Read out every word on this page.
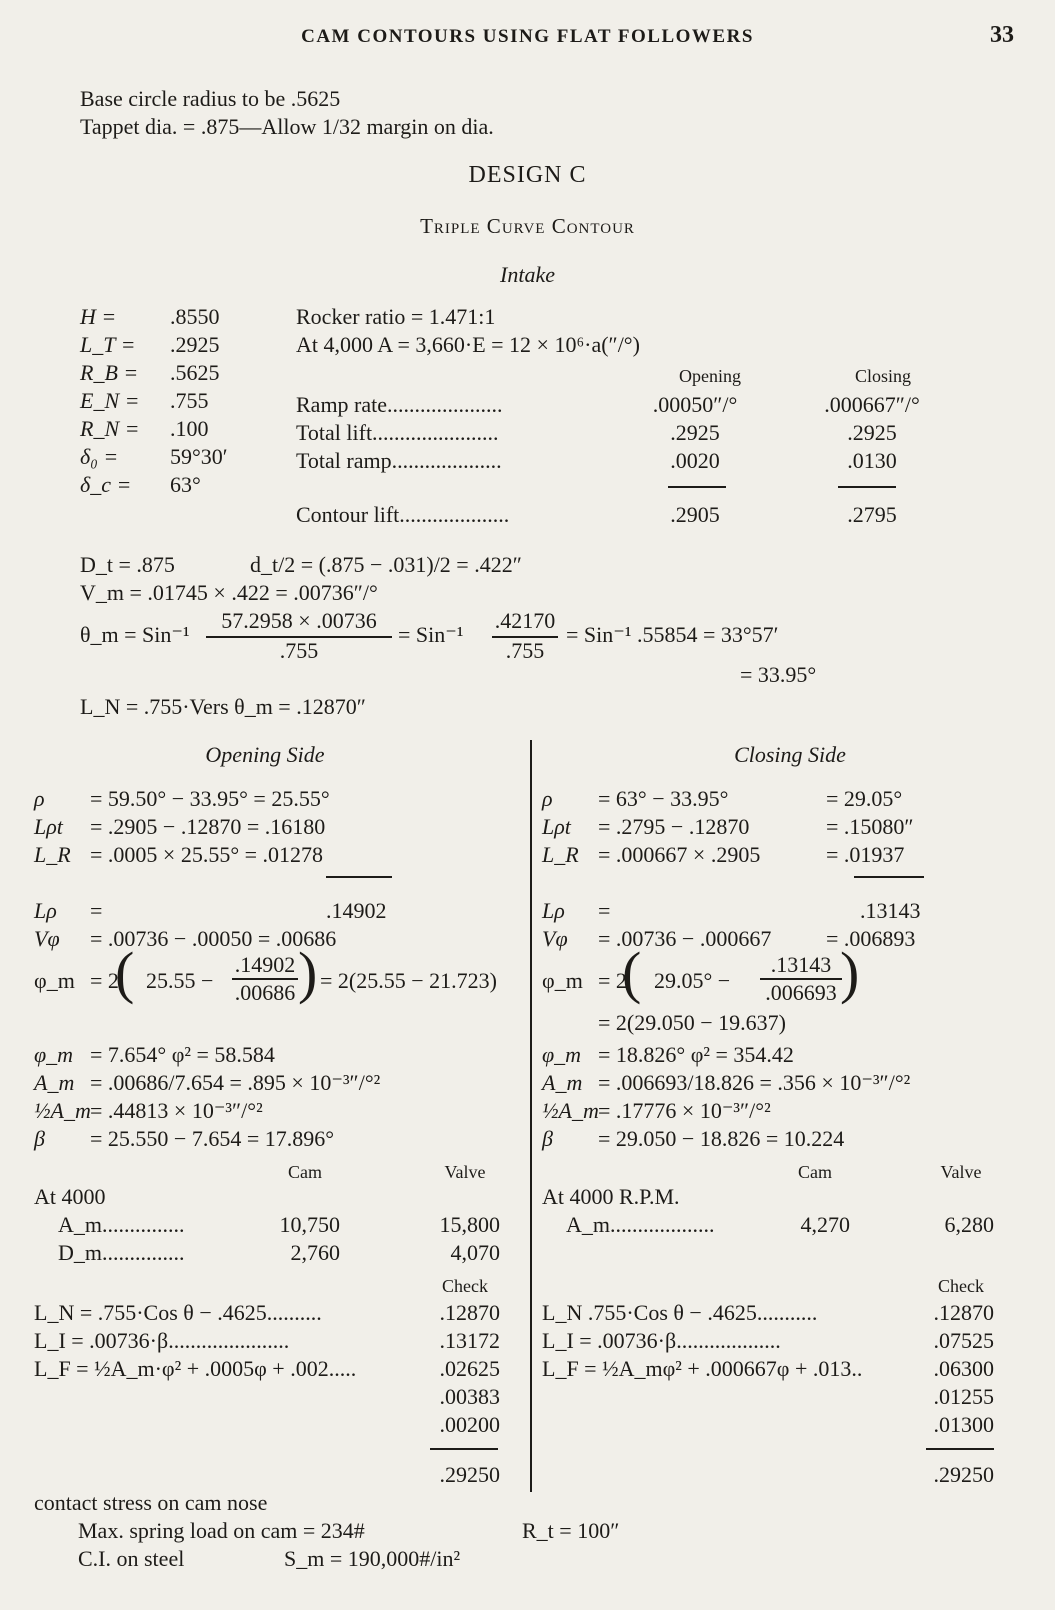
CAM CONTOURS USING FLAT FOLLOWERS	33
Base circle radius to be .5625
Tappet dia. = .875—Allow 1/32 margin on dia.
DESIGN C
Triple Curve Contour
Intake
H = .8550
L_T = .2925
R_B = .5625
E_N = .755
R_N = .100
δ₀ = 59°30′
δ_c = 63°
Rocker ratio = 1.471:1
At 4,000 A = 3,660·E = 12 × 10⁶·a(″/°)
Opening	Closing
Ramp rate.....................	.00050″/°	.000667″/°
Total lift.......................	.2925	.2925
Total ramp....................	.0020	.0130
Contour lift....................	.2905	.2795
D_t = .875	d_t/2 = (.875 − .031)/2 = .422″
V_m = .01745 × .422 = .00736″/°
θ_m = Sin⁻¹
57.2958 × .00736
.755
= Sin⁻¹
.42170
.755
= Sin⁻¹ .55854 = 33°57′
= 33.95°
L_N = .755·Vers θ_m = .12870″
Opening Side
ρ = 59.50° − 33.95° = 25.55°
Lρt = .2905 − .12870 = .16180
L_R = .0005 × 25.55° = .01278
Lρ =	.14902
Vφ = .00736 − .00050 = .00686
φ_m = 2
( 25.55 −
.14902
.00686 ) = 2(25.55 − 21.723)
φ_m = 7.654° φ² = 58.584
A_m = .00686/7.654 = .895 × 10⁻³″/°²
½A_m = .44813 × 10⁻³″/°²
β = 25.550 − 7.654 = 17.896°
Cam	Valve
At 4000
A_m...............	10,750	15,800
D_m...............	2,760	4,070
Check
L_N = .755·Cos θ − .4625..........	.12870
L_I = .00736·β......................	.13172
L_F = ½A_m·φ² + .0005φ + .002.....	.02625
.00383
.00200
.29250
Closing Side
ρ = 63° − 33.95°	= 29.05°
Lρt = .2795 − .12870	= .15080″
L_R = .000667 × .2905	= .01937
Lρ =	.13143
Vφ = .00736 − .000667 = .006893
φ_m = 2
( 29.05° −
.13143
.006693 )
= 2(29.050 − 19.637)
φ_m = 18.826° φ² = 354.42
A_m = .006693/18.826 = .356 × 10⁻³″/°²
½A_m = .17776 × 10⁻³″/°²
β = 29.050 − 18.826 = 10.224
Cam	Valve
At 4000 R.P.M.
A_m...................	4,270	6,280
Check
L_N .755·Cos θ − .4625...........	.12870
L_I = .00736·β...................	.07525
L_F = ½A_mφ² + .000667φ + .013..	.06300
.01255
.01300
.29250
contact stress on cam nose
Max. spring load on cam = 234#	R_t = 100″
C.I. on steel	S_m = 190,000#/in²
